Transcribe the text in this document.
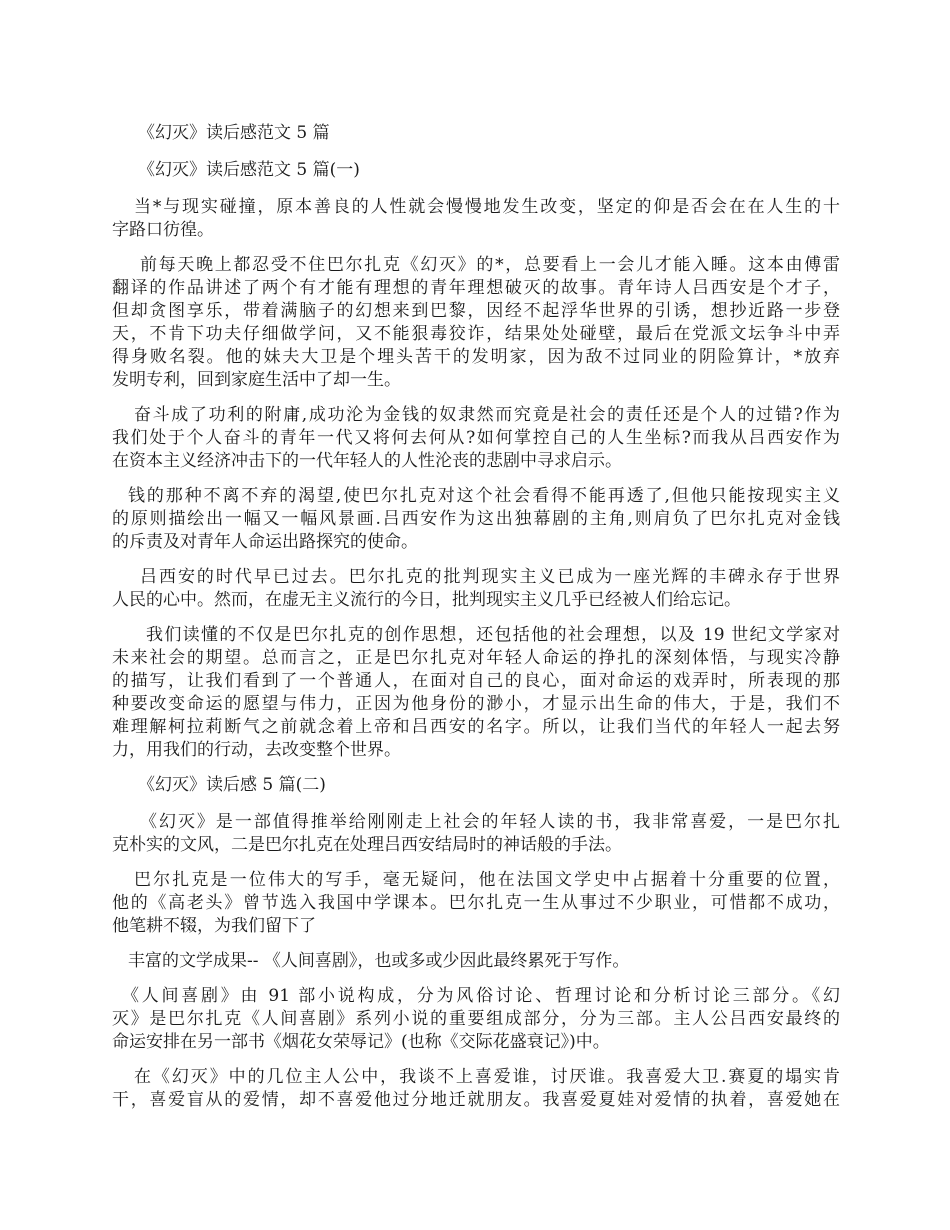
《幻灭》读后感范文 5 篇
《幻灭》读后感范文 5 篇(一)
当*与现实碰撞，原本善良的人性就会慢慢地发生改变，坚定的仰是否会在在人生的十
字路口彷徨。
前每天晚上都忍受不住巴尔扎克《幻灭》的*，总要看上一会儿才能入睡。这本由傅雷
翻译的作品讲述了两个有才能有理想的青年理想破灭的故事。青年诗人吕西安是个才子，
但却贪图享乐，带着满脑子的幻想来到巴黎，因经不起浮华世界的引诱，想抄近路一步登
天，不肯下功夫仔细做学问，又不能狠毒狡诈，结果处处碰壁，最后在党派文坛争斗中弄
得身败名裂。他的妹夫大卫是个埋头苦干的发明家，因为敌不过同业的阴险算计，*放弃
发明专利，回到家庭生活中了却一生。
奋斗成了功利的附庸,成功沦为金钱的奴隶然而究竟是社会的责任还是个人的过错?作为
我们处于个人奋斗的青年一代又将何去何从?如何掌控自己的人生坐标?而我从吕西安作为
在资本主义经济冲击下的一代年轻人的人性沦丧的悲剧中寻求启示。
钱的那种不离不弃的渴望,使巴尔扎克对这个社会看得不能再透了,但他只能按现实主义
的原则描绘出一幅又一幅风景画.吕西安作为这出独幕剧的主角,则肩负了巴尔扎克对金钱
的斥责及对青年人命运出路探究的使命。
吕西安的时代早已过去。巴尔扎克的批判现实主义已成为一座光辉的丰碑永存于世界
人民的心中。然而，在虚无主义流行的今日，批判现实主义几乎已经被人们给忘记。
我们读懂的不仅是巴尔扎克的创作思想，还包括他的社会理想，以及 19 世纪文学家对
未来社会的期望。总而言之，正是巴尔扎克对年轻人命运的挣扎的深刻体悟，与现实冷静
的描写，让我们看到了一个普通人，在面对自己的良心，面对命运的戏弄时，所表现的那
种要改变命运的愿望与伟力，正因为他身份的渺小，才显示出生命的伟大，于是，我们不
难理解柯拉莉断气之前就念着上帝和吕西安的名字。所以，让我们当代的年轻人一起去努
力，用我们的行动，去改变整个世界。
《幻灭》读后感 5 篇(二)
《幻灭》是一部值得推举给刚刚走上社会的年轻人读的书，我非常喜爱，一是巴尔扎
克朴实的文风，二是巴尔扎克在处理吕西安结局时的神话般的手法。
巴尔扎克是一位伟大的写手，毫无疑问，他在法国文学史中占据着十分重要的位置，
他的《高老头》曾节选入我国中学课本。巴尔扎克一生从事过不少职业，可惜都不成功，
他笔耕不辍，为我们留下了
丰富的文学成果-- 《人间喜剧》，也或多或少因此最终累死于写作。
《人间喜剧》由 91 部小说构成，分为风俗讨论、哲理讨论和分析讨论三部分。《幻
灭》是巴尔扎克《人间喜剧》系列小说的重要组成部分，分为三部。主人公吕西安最终的
命运安排在另一部书《烟花女荣辱记》(也称《交际花盛衰记》)中。
在《幻灭》中的几位主人公中，我谈不上喜爱谁，讨厌谁。我喜爱大卫.赛夏的塌实肯
干，喜爱盲从的爱情，却不喜爱他过分地迁就朋友。我喜爱夏娃对爱情的执着，喜爱她在
